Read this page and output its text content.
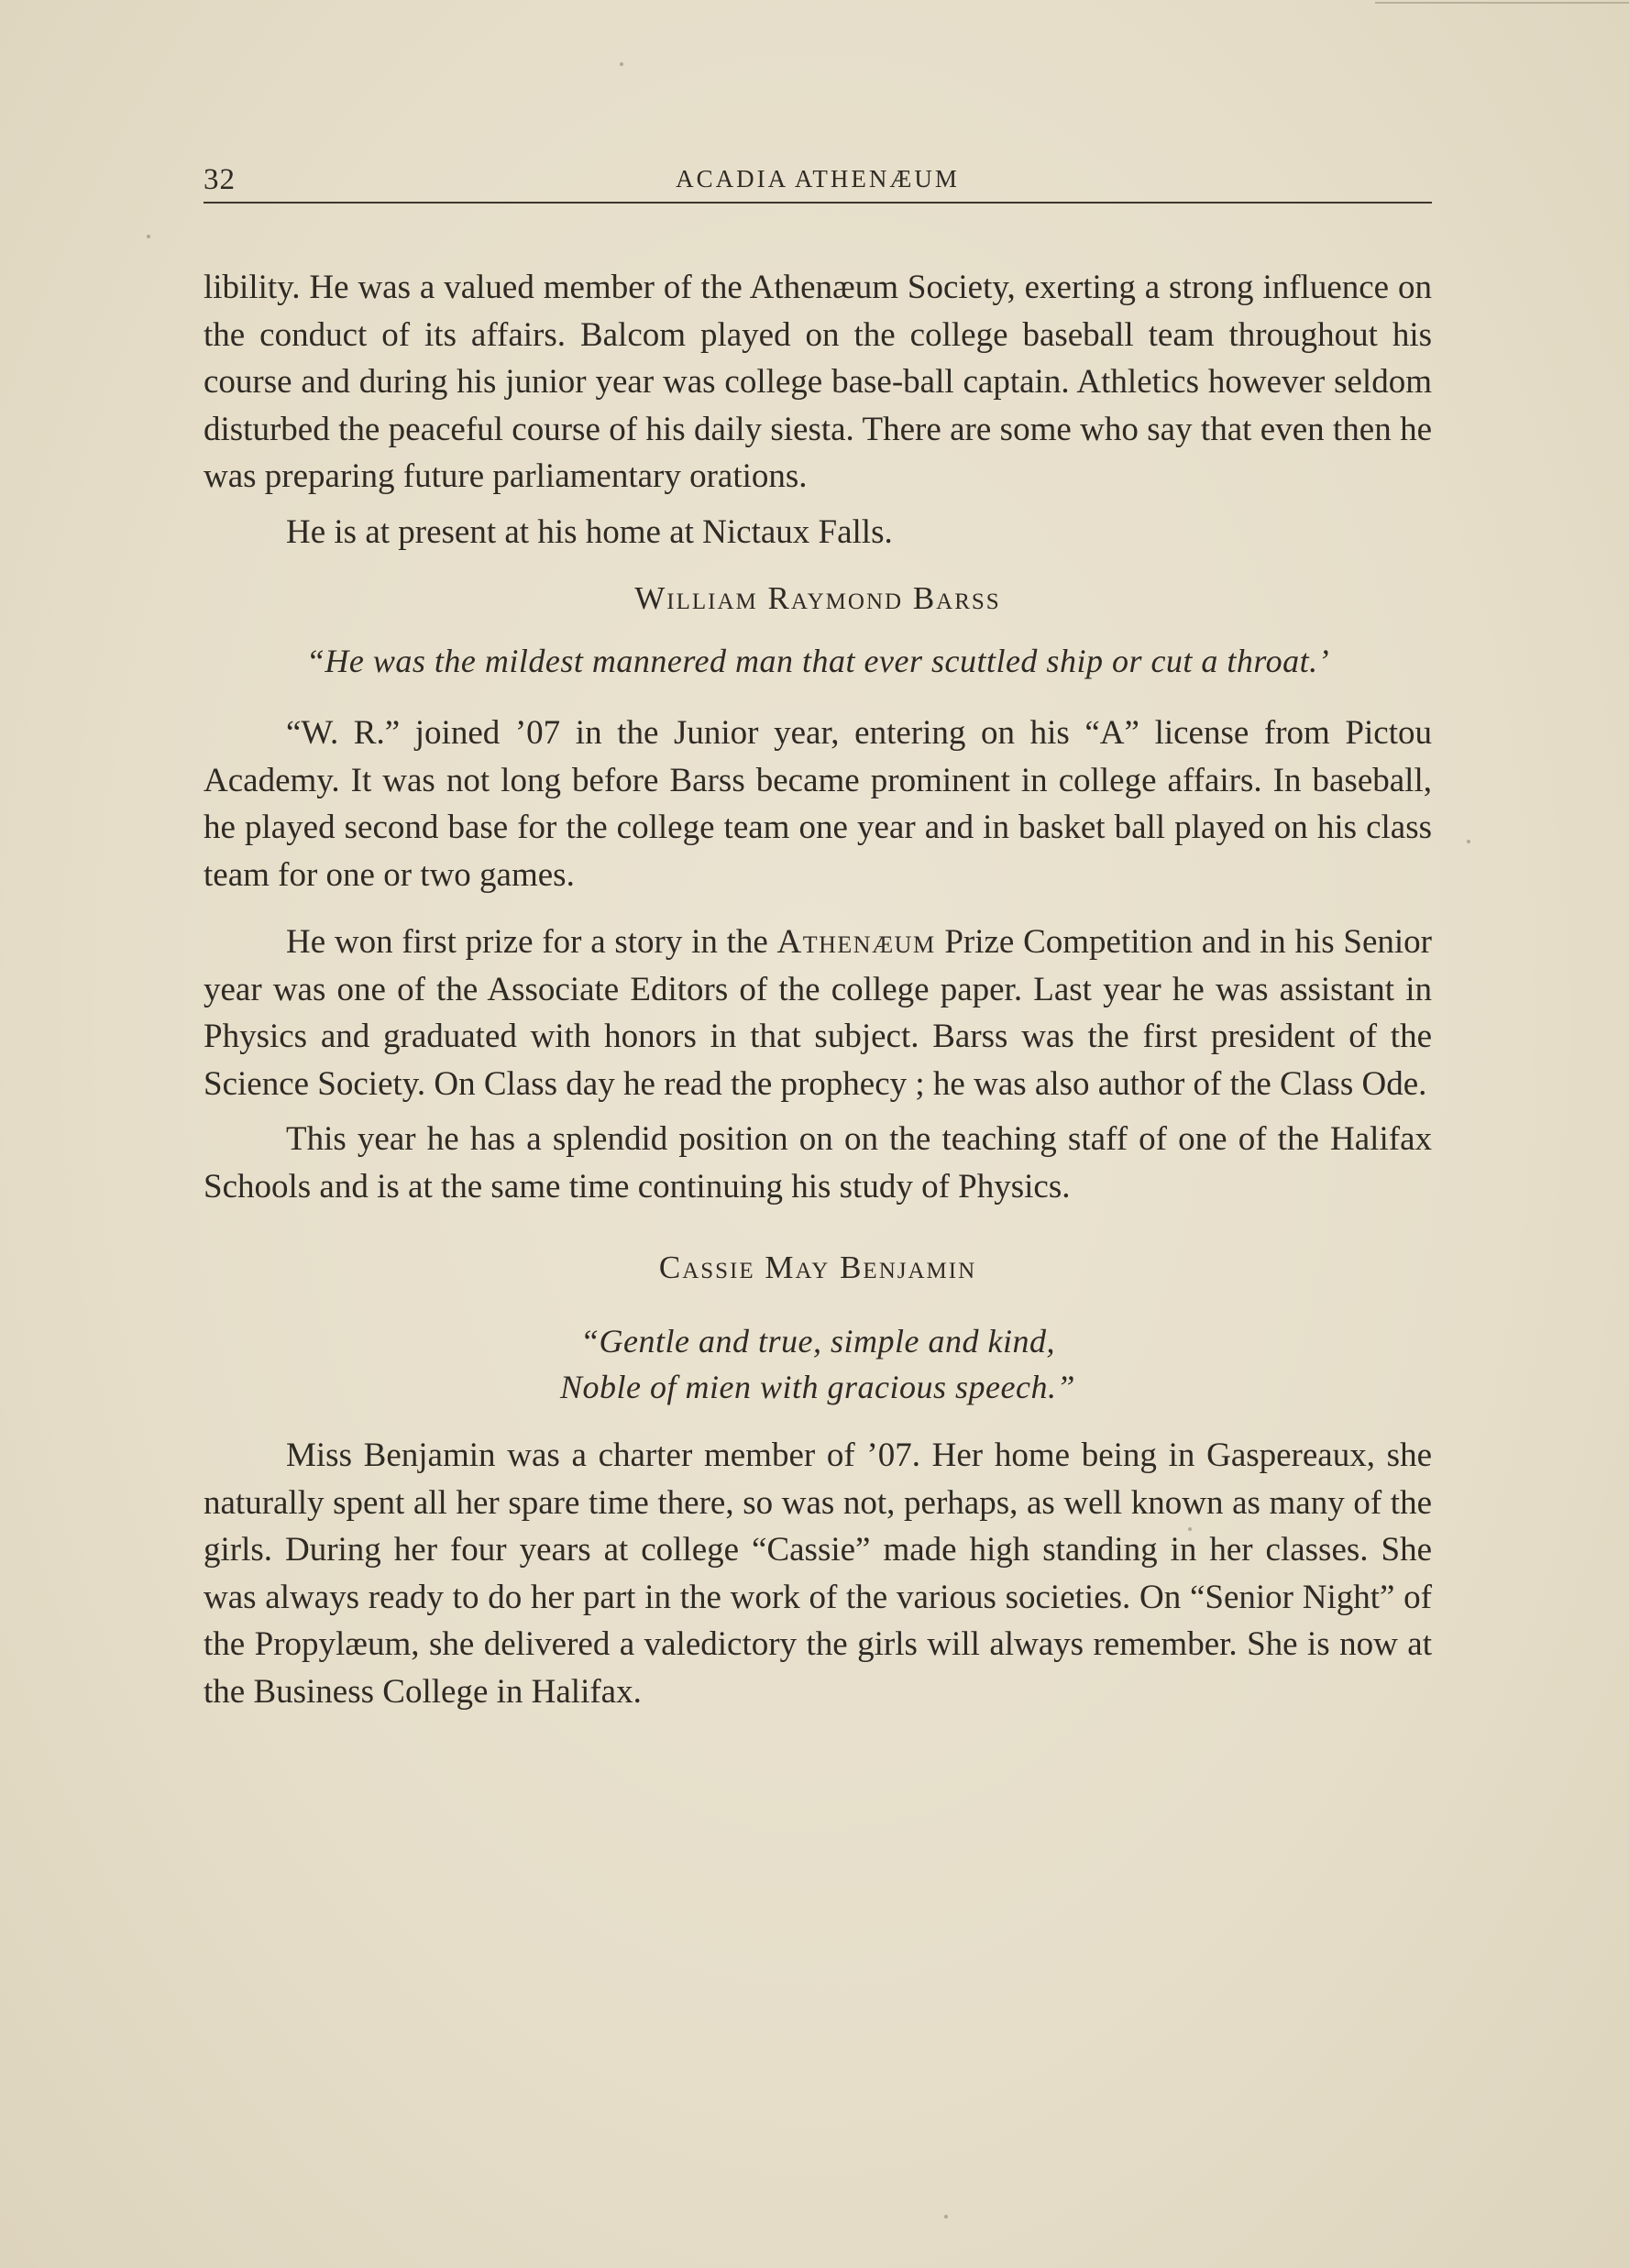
32	ACADIA ATHENÆUM

libility. He was a valued member of the Athenæum Society, exerting a strong influence on the conduct of its affairs. Balcom played on the college baseball team throughout his course and during his junior year was college base-ball captain. Athletics however seldom disturbed the peaceful course of his daily siesta. There are some who say that even then he was preparing future parliamentary orations.

He is at present at his home at Nictaux Falls.

William Raymond Barss
“He was the mildest mannered man that ever scuttled ship or cut a throat.’

“W. R.” joined ’07 in the Junior year, entering on his “A” license from Pictou Academy. It was not long before Barss became prominent in college affairs. In baseball, he played second base for the college team one year and in basket ball played on his class team for one or two games.

He won first prize for a story in the Athenæum Prize Competition and in his Senior year was one of the Associate Editors of the college paper. Last year he was assistant in Physics and graduated with honors in that subject. Barss was the first president of the Science Society. On Class day he read the prophecy ; he was also author of the Class Ode.

This year he has a splendid position on on the teaching staff of one of the Halifax Schools and is at the same time continuing his study of Physics.

Cassie May Benjamin
“Gentle and true, simple and kind,
Noble of mien with gracious speech.”

Miss Benjamin was a charter member of ’07. Her home being in Gaspereaux, she naturally spent all her spare time there, so was not, perhaps, as well known as many of the girls. During her four years at college “Cassie” made high standing in her classes. She was always ready to do her part in the work of the various societies. On “Senior Night” of the Propylæum, she delivered a valedictory the girls will always remember. She is now at the Business College in Halifax.
